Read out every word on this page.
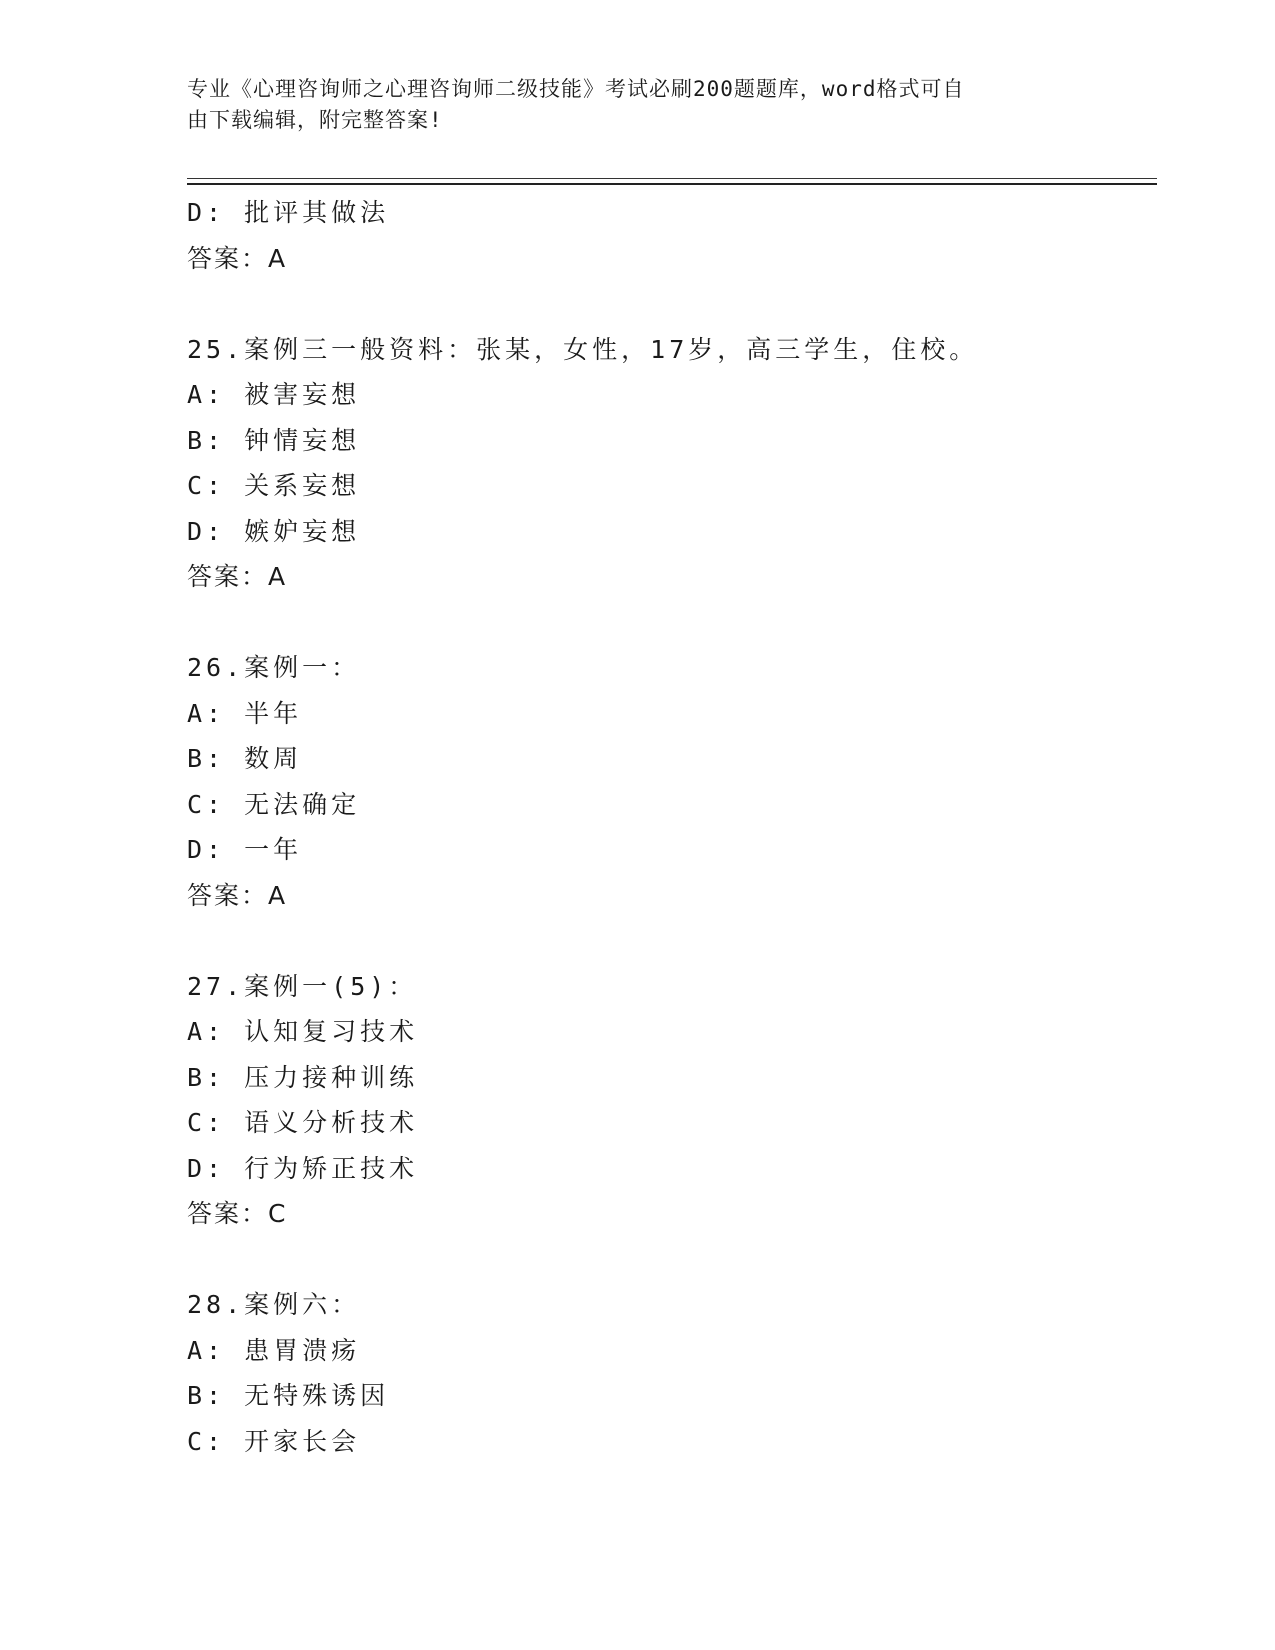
专业《心理咨询师之心理咨询师二级技能》考试必刷200题题库，word格式可自
由下载编辑，附完整答案!
D: 批评其做法
答案：A
25.案例三一般资料：张某，女性，17岁，高三学生，住校。
A: 被害妄想
B: 钟情妄想
C: 关系妄想
D: 嫉妒妄想
答案：A
26.案例一：
A: 半年
B: 数周
C: 无法确定
D: 一年
答案：A
27.案例一(5)：
A: 认知复习技术
B: 压力接种训练
C: 语义分析技术
D: 行为矫正技术
答案：C
28.案例六：
A: 患胃溃疡
B: 无特殊诱因
C: 开家长会
